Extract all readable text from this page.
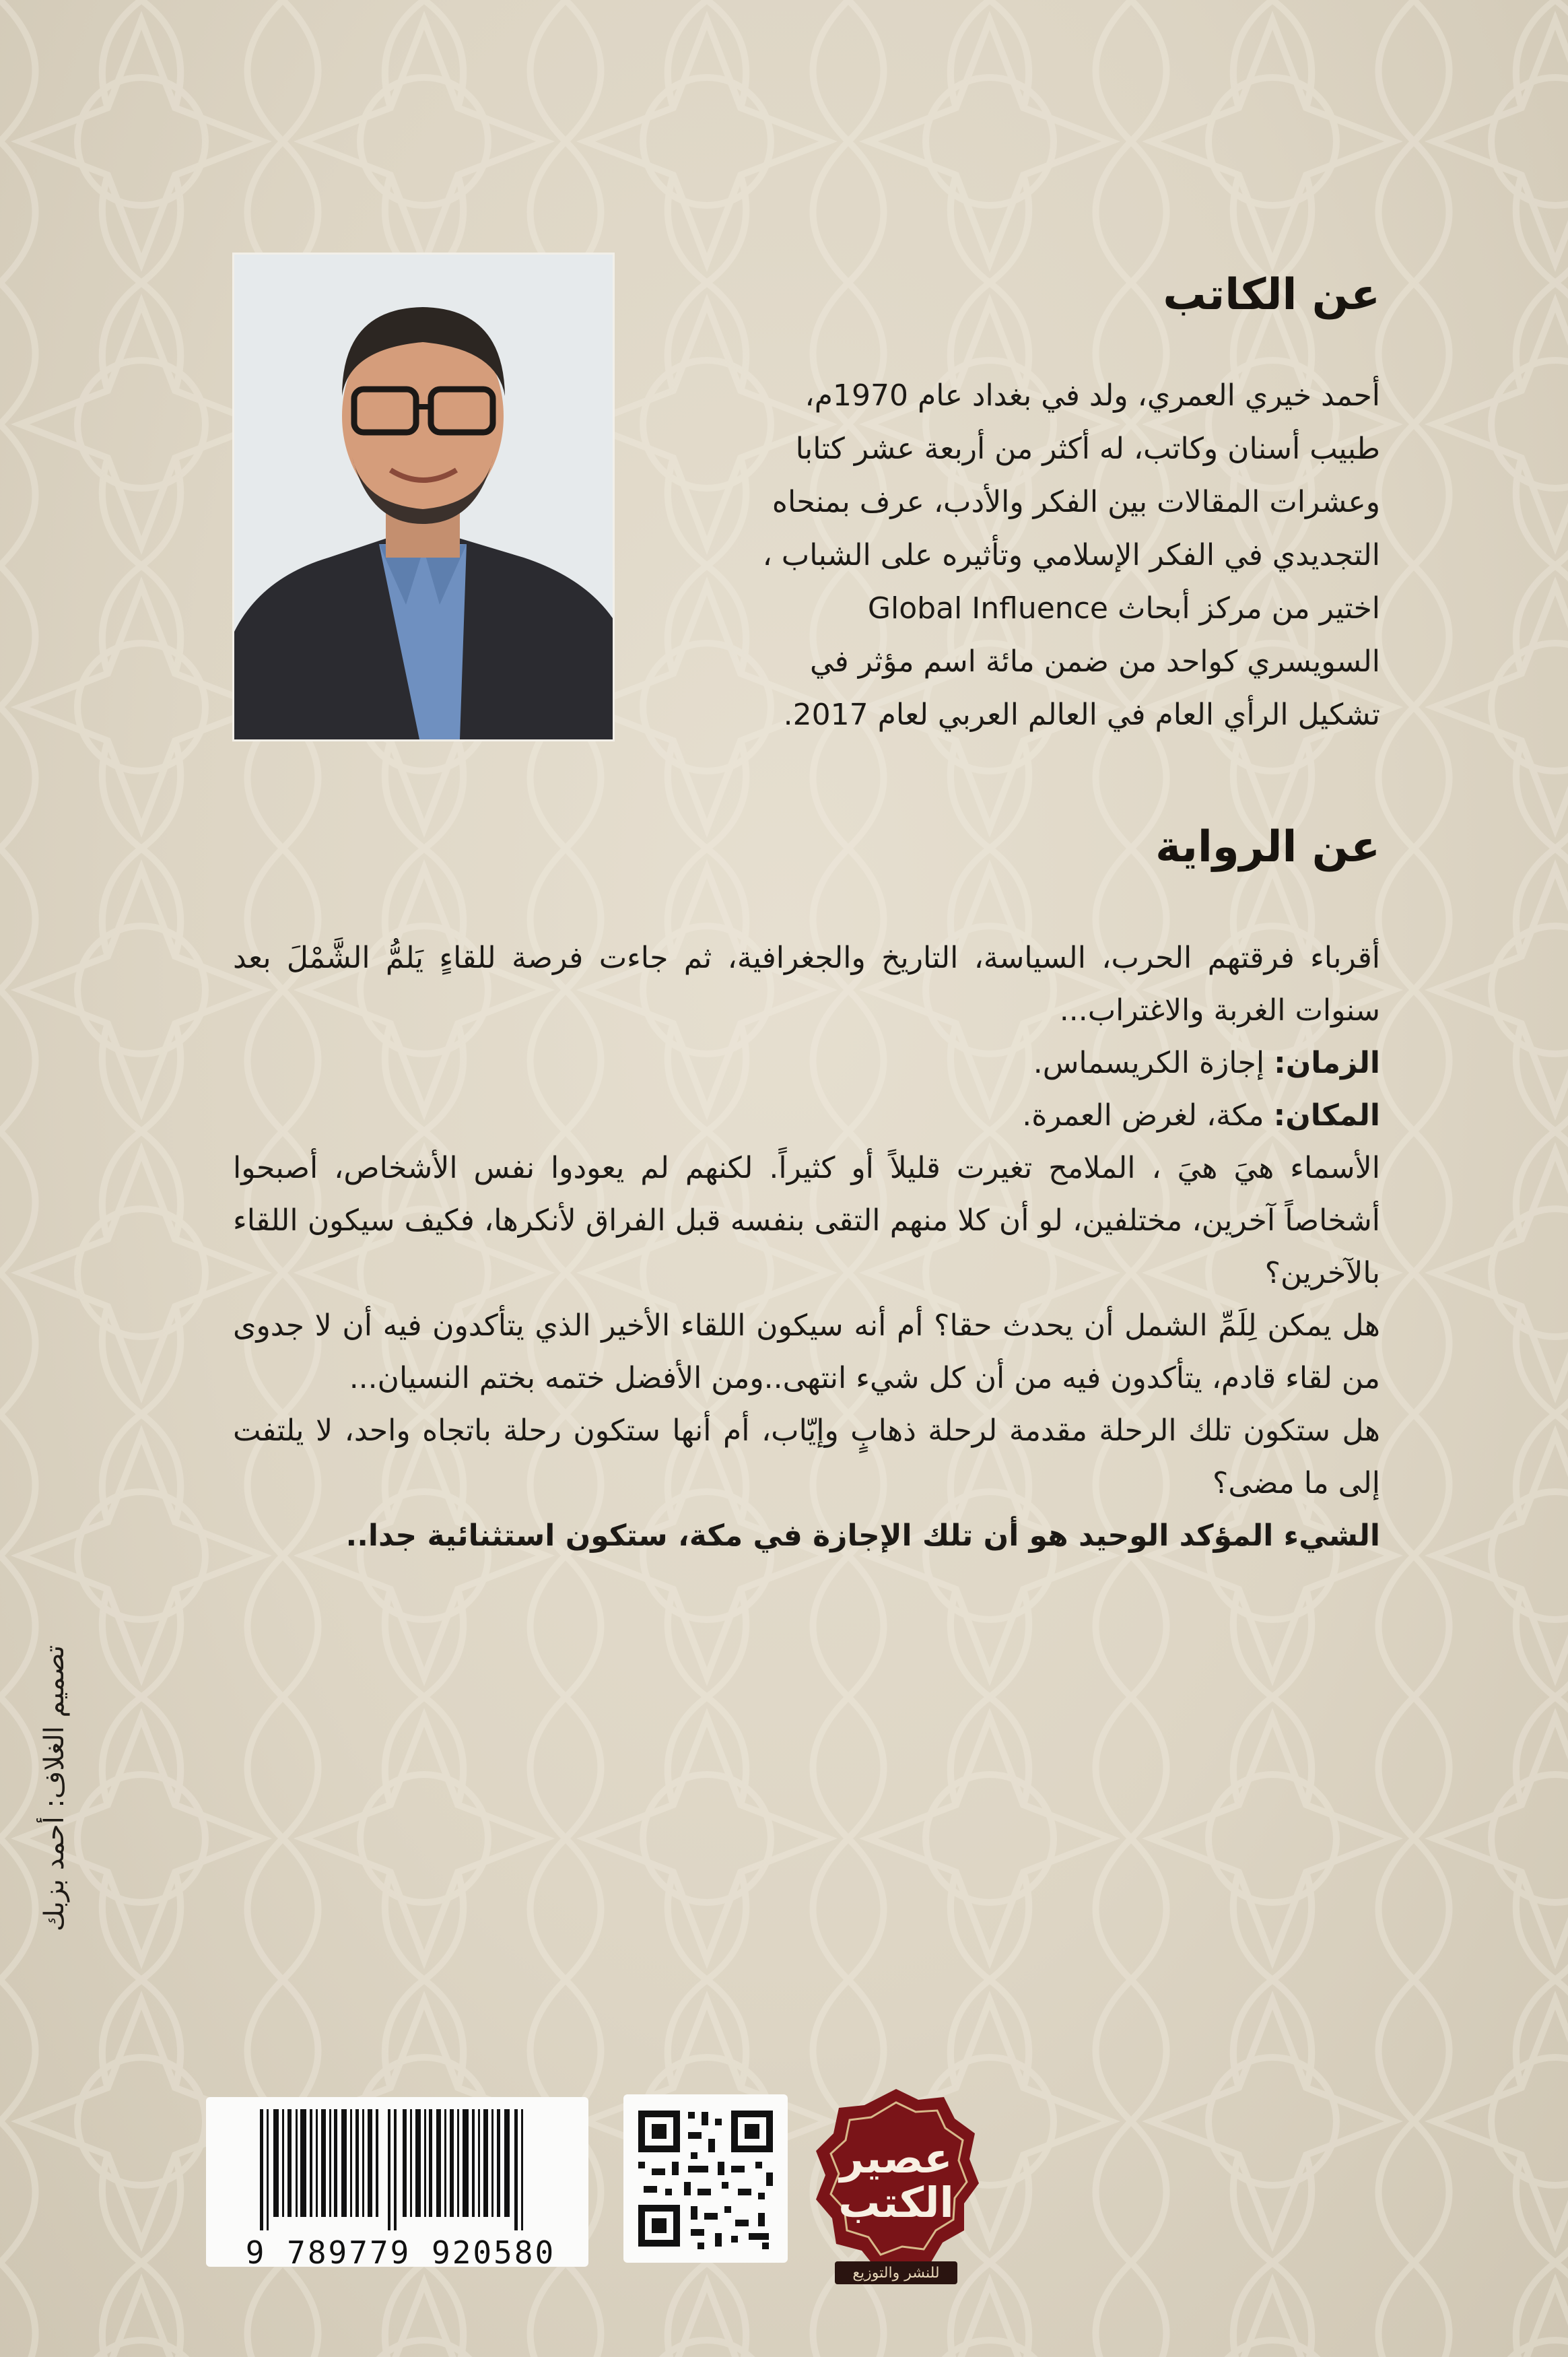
عن الكاتب
أحمد خيري العمري، ولد في بغداد عام 1970م،
طبيب أسنان وكاتب، له أكثر من أربعة عشر كتابا
وعشرات المقالات بين الفكر والأدب، عرف بمنحاه
التجديدي في الفكر الإسلامي وتأثيره على الشباب ،
اختير من مركز أبحاث Global Influence
السويسري كواحد من ضمن مائة اسم مؤثر في
تشكيل الرأي العام في العالم العربي لعام 2017.
عن الرواية

أقرباء فرقتهم الحرب، السياسة، التاريخ والجغرافية، ثم جاءت فرصة للقاءٍ يَلمُّ الشَّمْلَ بعد سنوات الغربة والاغتراب...

الزمان: إجازة الكريسماس.

المكان: مكة، لغرض العمرة.

الأسماء هيَ هيَ ، الملامح تغيرت قليلاً أو كثيراً. لكنهم لم يعودوا نفس الأشخاص، أصبحوا أشخاصاً آخرين، مختلفين، لو أن كلا منهم التقى بنفسه قبل الفراق لأنكرها، فكيف سيكون اللقاء بالآخرين؟

هل يمكن لِلَمِّ الشمل أن يحدث حقا؟ أم أنه سيكون اللقاء الأخير الذي يتأكدون فيه أن لا جدوى من لقاء قادم، يتأكدون فيه من أن كل شيء انتهى..ومن الأفضل ختمه بختم النسيان...

هل ستكون تلك الرحلة مقدمة لرحلة ذهابٍ وإيّاب، أم أنها ستكون رحلة باتجاه واحد، لا يلتفت إلى ما مضى؟

الشيء المؤكد الوحيد هو أن تلك الإجازة في مكة، ستكون استثنائية جدا..

تصميم الغلاف: أحمد بزبك
9 789779 920580
عصير
الكتب
للنشر والتوزيع
